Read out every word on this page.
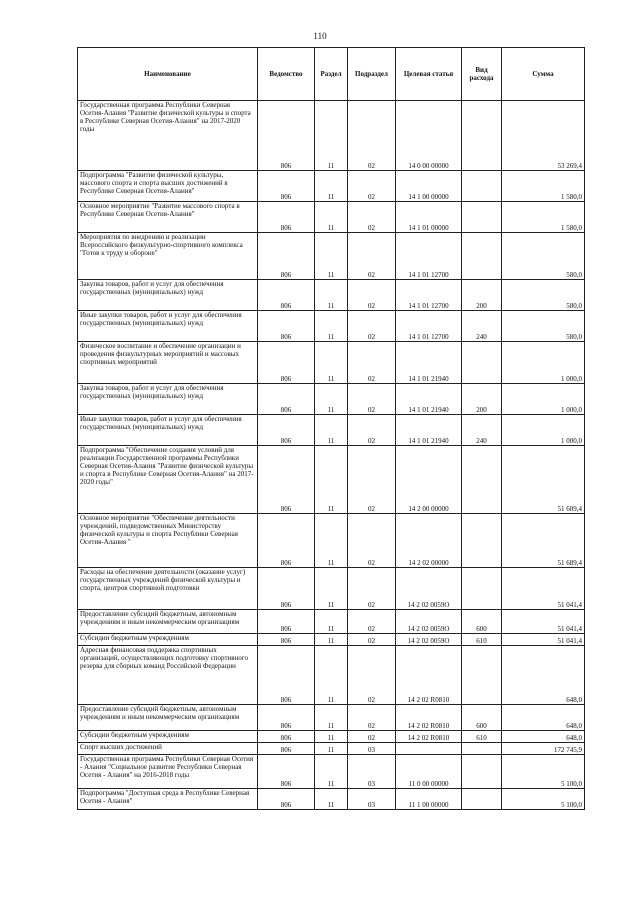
110
Наименование	Ведомство	Раздел	Подраздел	Целевая статья	Вид расхода	Сумма
Государственная программа Республики Северная Осетия-Алания "Развитие физической культуры и спорта в Республике Северная Осетия-Алания" на 2017-2020 годы	806	11	02	14 0 00 00000		53 269,4
Подпрограмма "Развитие физической культуры, массового спорта и спорта высших достижений в Республике Северная Осетия-Алания"	806	11	02	14 1 00 00000		1 580,0
Основное мероприятие "Развитие массового спорта в Республике Северная Осетия-Алания"	806	11	02	14 1 01 00000		1 580,0
Мероприятия по внедрению и реализации Всероссийского физкультурно-спортивного комплекса "Готов к труду и обороне"	806	11	02	14 1 01 12700		580,0
Закупка товаров, работ и услуг для обеспечения государственных (муниципальных) нужд	806	11	02	14 1 01 12700	200	580,0
Иные закупки товаров, работ и услуг для обеспечения государственных (муниципальных) нужд	806	11	02	14 1 01 12700	240	580,0
Физическое воспитание и обеспечение организации и проведения физкультурных мероприятий и массовых спортивных мероприятий	806	11	02	14 1 01 21940		1 000,0
Закупка товаров, работ и услуг для обеспечения государственных (муниципальных) нужд	806	11	02	14 1 01 21940	200	1 000,0
Иные закупки товаров, работ и услуг для обеспечения государственных (муниципальных) нужд	806	11	02	14 1 01 21940	240	1 000,0
Подпрограмма "Обеспечение создания условий для реализации Государственной программы Республики Северная Осетия-Алания "Развитие физической культуры и спорта в Республике Северная Осетия-Алания" на 2017-2020 годы"	806	11	02	14 2 00 00000		51 689,4
Основное мероприятие "Обеспечение деятельности учреждений, подведомственных Министерству физической культуры и спорта Республики Северная Осетия-Алания "	806	11	02	14 2 02 00000		51 689,4
Расходы на обеспечение деятельности (оказание услуг) государственных учреждений физической культуры и спорта, центров спортивной подготовки	806	11	02	14 2 02 0059О		51 041,4
Предоставление субсидий бюджетным, автономным учреждениям и иным некоммерческим организациям	806	11	02	14 2 02 0059О	600	51 041,4
Субсидии бюджетным учреждениям	806	11	02	14 2 02 0059О	610	51 041,4
Адресная финансовая поддержка спортивных организаций, осуществляющих подготовку спортивного резерва для сборных команд Российской Федерации	806	11	02	14 2 02 R0810		648,0
Предоставление субсидий бюджетным, автономным учреждениям и иным некоммерческим организациям	806	11	02	14 2 02 R0810	600	648,0
Субсидии бюджетным учреждениям	806	11	02	14 2 02 R0810	610	648,0
Спорт высших достижений	806	11	03			172 745,9
Государственная программа Республики Северная Осетия - Алания "Социальное развитие Республики Северная Осетия - Алания" на 2016-2018 годы	806	11	03	11 0 00 00000		5 100,0
Подпрограмма "Доступная среда в Республике Северная Осетия - Алания"	806	11	03	11 1 00 00000		5 100,0
